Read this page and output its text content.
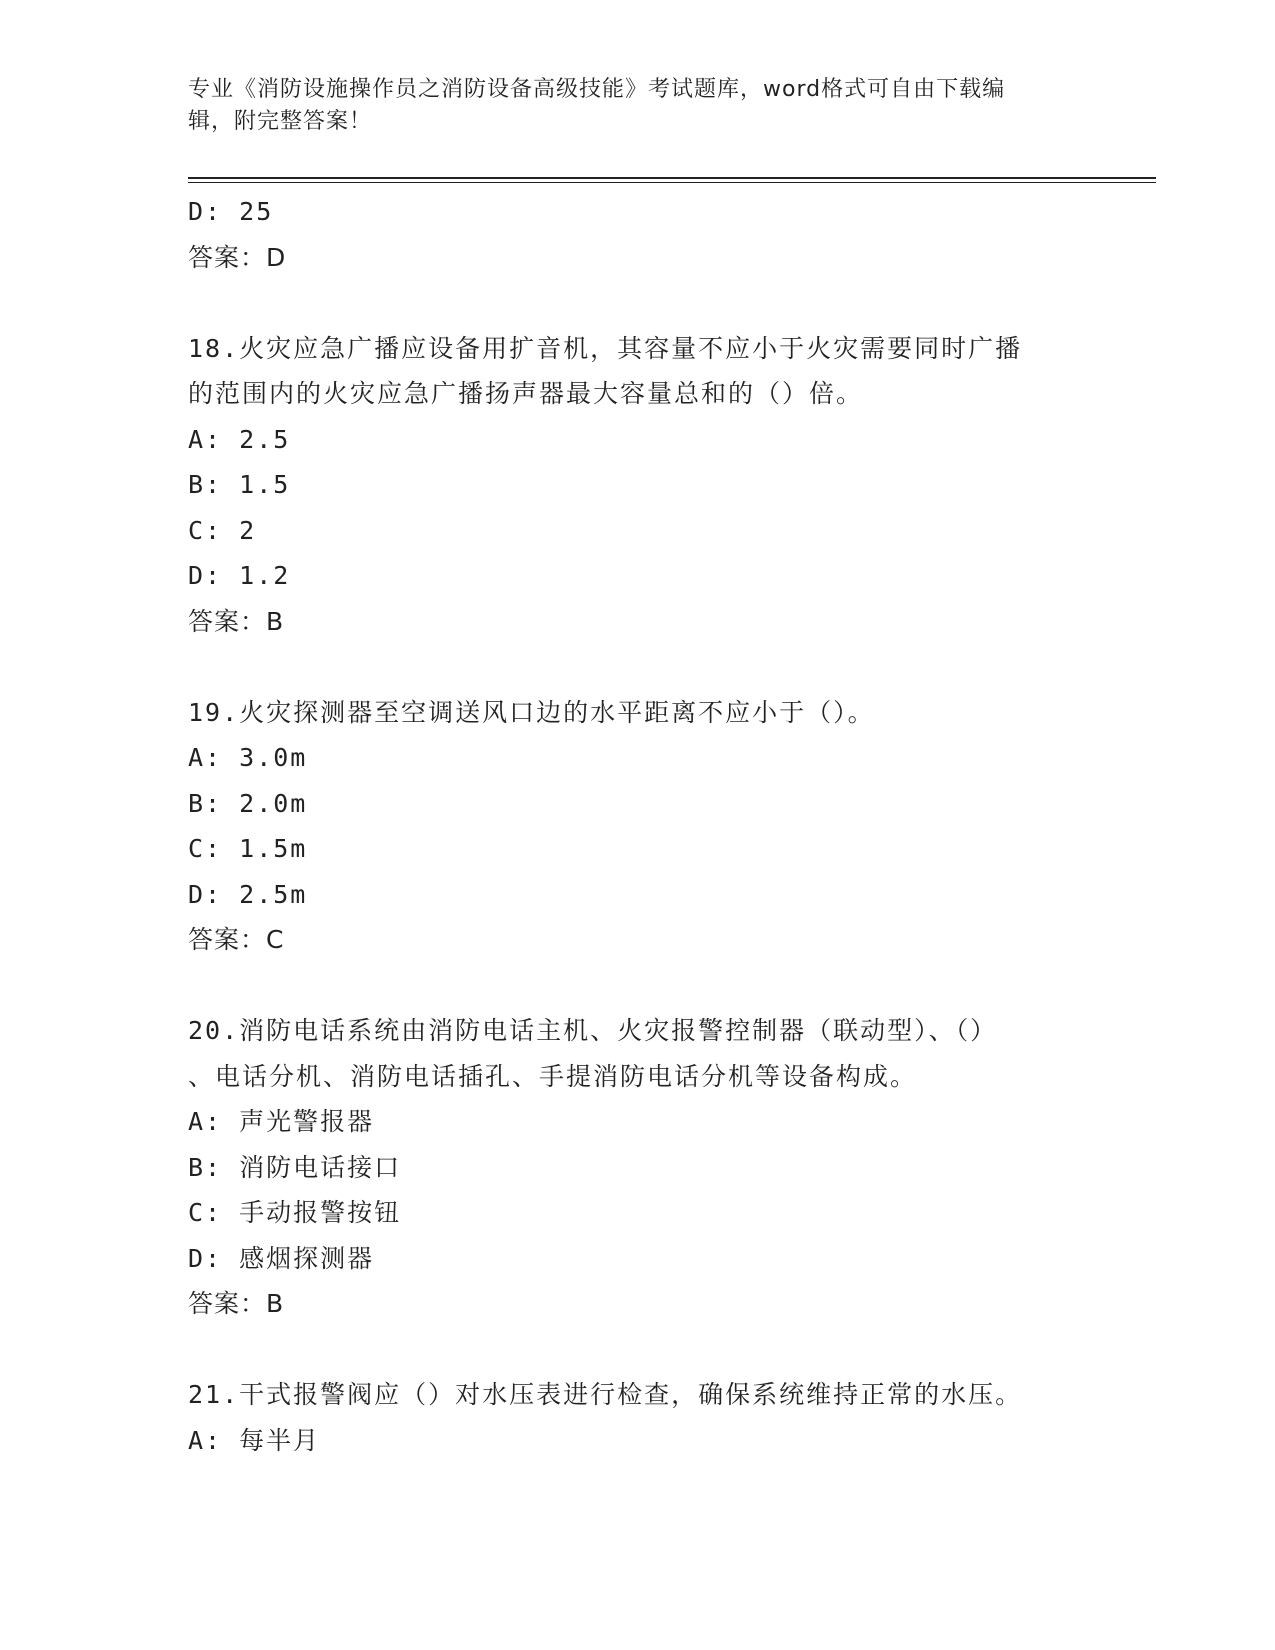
专业《消防设施操作员之消防设备高级技能》考试题库，word格式可自由下载编
辑，附完整答案！
D: 25
答案：D
18.火灾应急广播应设备用扩音机，其容量不应小于火灾需要同时广播
的范围内的火灾应急广播扬声器最大容量总和的（）倍。
A: 2.5
B: 1.5
C: 2
D: 1.2
答案：B
19.火灾探测器至空调送风口边的水平距离不应小于（）。
A: 3.0m
B: 2.0m
C: 1.5m
D: 2.5m
答案：C
20.消防电话系统由消防电话主机、火灾报警控制器（联动型）、（）
、电话分机、消防电话插孔、手提消防电话分机等设备构成。
A: 声光警报器
B: 消防电话接口
C: 手动报警按钮
D: 感烟探测器
答案：B
21.干式报警阀应（）对水压表进行检查，确保系统维持正常的水压。
A: 每半月
